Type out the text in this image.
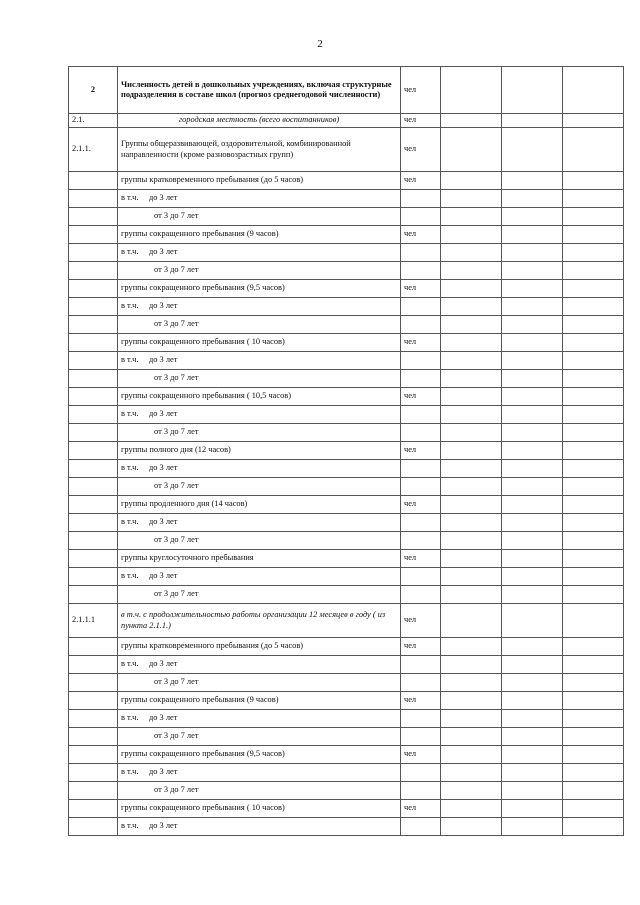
2
2	Численность детей в дошкольных учреждениях, включая структурные подразделения в составе школ (прогноз среднегодовой численности)	чел			
2.1.	городская местность (всего воспитанников)	чел			
2.1.1.	Группы общеразвивающей, оздоровительной, комбинированной направленности (кроме разновозрастных групп)	чел			
	группы кратковременного пребывания (до 5 часов)	чел			

	в т.ч. до 3 лет				

	от 3 до 7 лет				
	группы сокращенного пребывания (9 часов)	чел			

	в т.ч. до 3 лет				

	от 3 до 7 лет				
	группы сокращенного пребывания (9,5 часов)	чел			

	в т.ч. до 3 лет				

	от 3 до 7 лет				
	группы сокращенного пребывания ( 10 часов)	чел			

	в т.ч. до 3 лет				

	от 3 до 7 лет				
	группы сокращенного пребывания ( 10,5 часов)	чел			

	в т.ч. до 3 лет				

	от 3 до 7 лет				
	группы полного дня (12 часов)	чел			

	в т.ч. до 3 лет				

	от 3 до 7 лет				
	группы продленного дня (14 часов)	чел			

	в т.ч. до 3 лет				

	от 3 до 7 лет				
	группы круглосуточного пребывания	чел			

	в т.ч. до 3 лет				

	от 3 до 7 лет				
2.1.1.1	в т.ч. с продолжительностью работы организации 12 месяцев в году ( из пункта 2.1.1.)	чел			
	группы кратковременного пребывания (до 5 часов)	чел			

	в т.ч. до 3 лет				

	от 3 до 7 лет				
	группы сокращенного пребывания (9 часов)	чел			

	в т.ч. до 3 лет				

	от 3 до 7 лет				
	группы сокращенного пребывания (9,5 часов)	чел			

	в т.ч. до 3 лет				

	от 3 до 7 лет				
	группы сокращенного пребывания ( 10 часов)	чел			

	в т.ч. до 3 лет				
